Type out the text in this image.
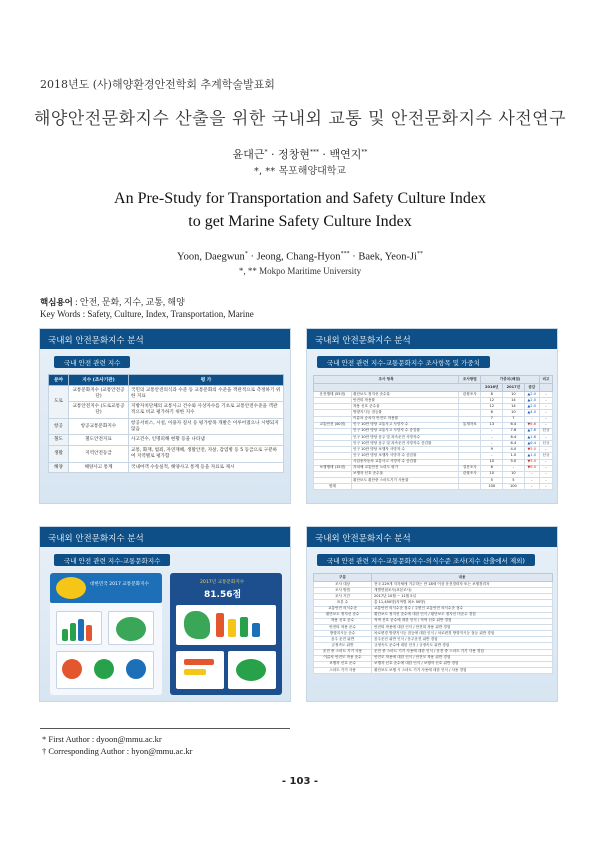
2018년도 (사)해양환경안전학회 추계학술발표회
해양안전문화지수 산출을 위한 국내외 교통 및 안전문화지수 사전연구
윤대근* · 정창현*** · 백연지**
*, ** 목포해양대학교
An Pre-Study for Transportation and Safety Culture Index
to get Marine Safety Culture Index
Yoon, Daegwun* · Jeong, Chang-Hyon*** · Baek, Yeon-Ji**
*, ** Mokpo Maritime University
핵심용어 : 안전, 문화, 지수, 교통, 해양
Key Words : Safety, Culture, Index, Transportation, Marine
국내외 안전문화지수 분석
국내 안전 관련 지수
분야	지수 (조사기관)	평 가
도로	교통문화지수 (교통안전공단)	국민의 교통안전의식과 수준 등 교통문화의 수준을 객관적으로 측정하기 위한 지표
	교통안전지수 (도로교통공단)	지방자치단체의 교통사고 건수와 사상자수를 기초로 교통안전수준을 객관적으로 비교 평가하기 위한 지수
항공	항공교통문화지수	항공서비스, 시설, 이용자 질서 등 평가항목 개발은 이루어졌으나 시행되지 않음
철도	철도안전지표	사고건수, 인명피해 현황 등을 나타냄
생활	지역안전등급	교통, 화재, 범죄, 자연재해, 생활안전, 자살, 감염병 등 5 등급으로 구분하여 지역별로 평가함
해양	해양사고 통계	국내여객 수송실적, 해양사고 통계 등을 자료로 제시
국내외 안전문화지수 분석
국내 안전 관련 지수-교통문화지수 조사항목 및 가중치
조사 항목		조사방법	가중치(배점)			비고
			2016년	2017년	증감	
운전행태 (55점)	횡단보도 정지선 준수율	관찰조사	8	10	▲2.0	-
	안전띠 착용률		12	14	▲2.0	-
	착용 신호 준수율		12	14	▲2.0	-
	방향지시등 점등률		6	10	▲4.0	-
	이륜차 승차자 안전모 착용률		7	7	-	-
교통안전 (40점)	인구 10만 명당 교통사고 사망자 수	통계자료	13	6.4	▼6.6	-
	인구 10만 명당 교통사고 사망자 수 증감률		-	7.6	▲7.6	신규
	인구 10만 명당 음주 및 과속운전 사망자수		-	6.4	▲1.6	-
	인구 10만 명당 음주 및 과속운전 사망자수 증감률		-	6.4	▲6.4	신규
	인구 10만 명당 보행자 사망자 수		9	4.0	▼5.0	-
	인구 10만 명당 보행자 사망자 수 증감률		-	1.0	▲1.0	신규
	사업용자동차 교통사고 사망자 수 증감률		10	5.0	▼5.0	-
보행행태 (15점)	자치체 교통안전 노력도 평가	설문조사	6	-	▼6.0	-
	보행자 신호 준수율	관찰조사	10	10	-	-
	횡단보도 횡단중 스마트기기 사용률		5	5	-	-
합계			100	100	-	-
국내외 안전문화지수 분석
국내 안전 관련 지수-교통문화지수
대한민국 2017 교통문화지수	2017년 교통문화지수
81.56점
국내외 안전문화지수 분석
국내 안전 관련 지수-교통문화지수-의식수준 조사(지수 산출에서 제외)
구분	내용
조사 대상	전국 229개 지자체에 거주하는 만 18세 이상 운전경력자 또는 보행경력자
조사 방법	개별면접조사(표본조사)
조사 기간	2017년 10월 ~ 11월 5일
표본 수	총 11,450명(지역별 최소 50명)
교통안전 의식수준	교통안전 의식수준 점수 / 주변인 교통안전 의식수준 점수
횡단보도 정지선 준수	횡단보도 정지선 준수에 대한 인식 / 횡단보도 정지선 미준수 경험
착용 신호 준수	적색 신호 준수에 대한 인식 / 적색 신호 위반 경험
안전띠 착용 준수	안전띠 착용에 대한 인식 / 안전띠 착용 위반 경험
방향지시등 준수	차로변경 방향지시등 점등에 대한 인식 / 차로변경 방향지시등 점등 위반 경험
음주 운전 위반	음주운전 위반 인식 / 음주운전 위반 경험
규정속도 위반	규정속도 준수에 대한 인식 / 규정속도 위반 경험
운전 중 스마트 기기 사용	운전 중 스마트 기기 사용에 대한 인식 / 운전 중 스마트 기기 사용 경험
이륜차 안전모 착용 준수	안전모 착용에 대한 인식 / 안전모 착용 위반 경험
보행자 신호 준수	보행자 신호 준수에 대한 인식 / 보행자 신호 위반 경험
스마트 기기 사용	횡단보도 보행 시 스마트 기기 사용에 대한 인식 / 사용 경험
* First Author : dyoon@mmu.ac.kr
† Corresponding Author : hyon@mmu.ac.kr
- 103 -
